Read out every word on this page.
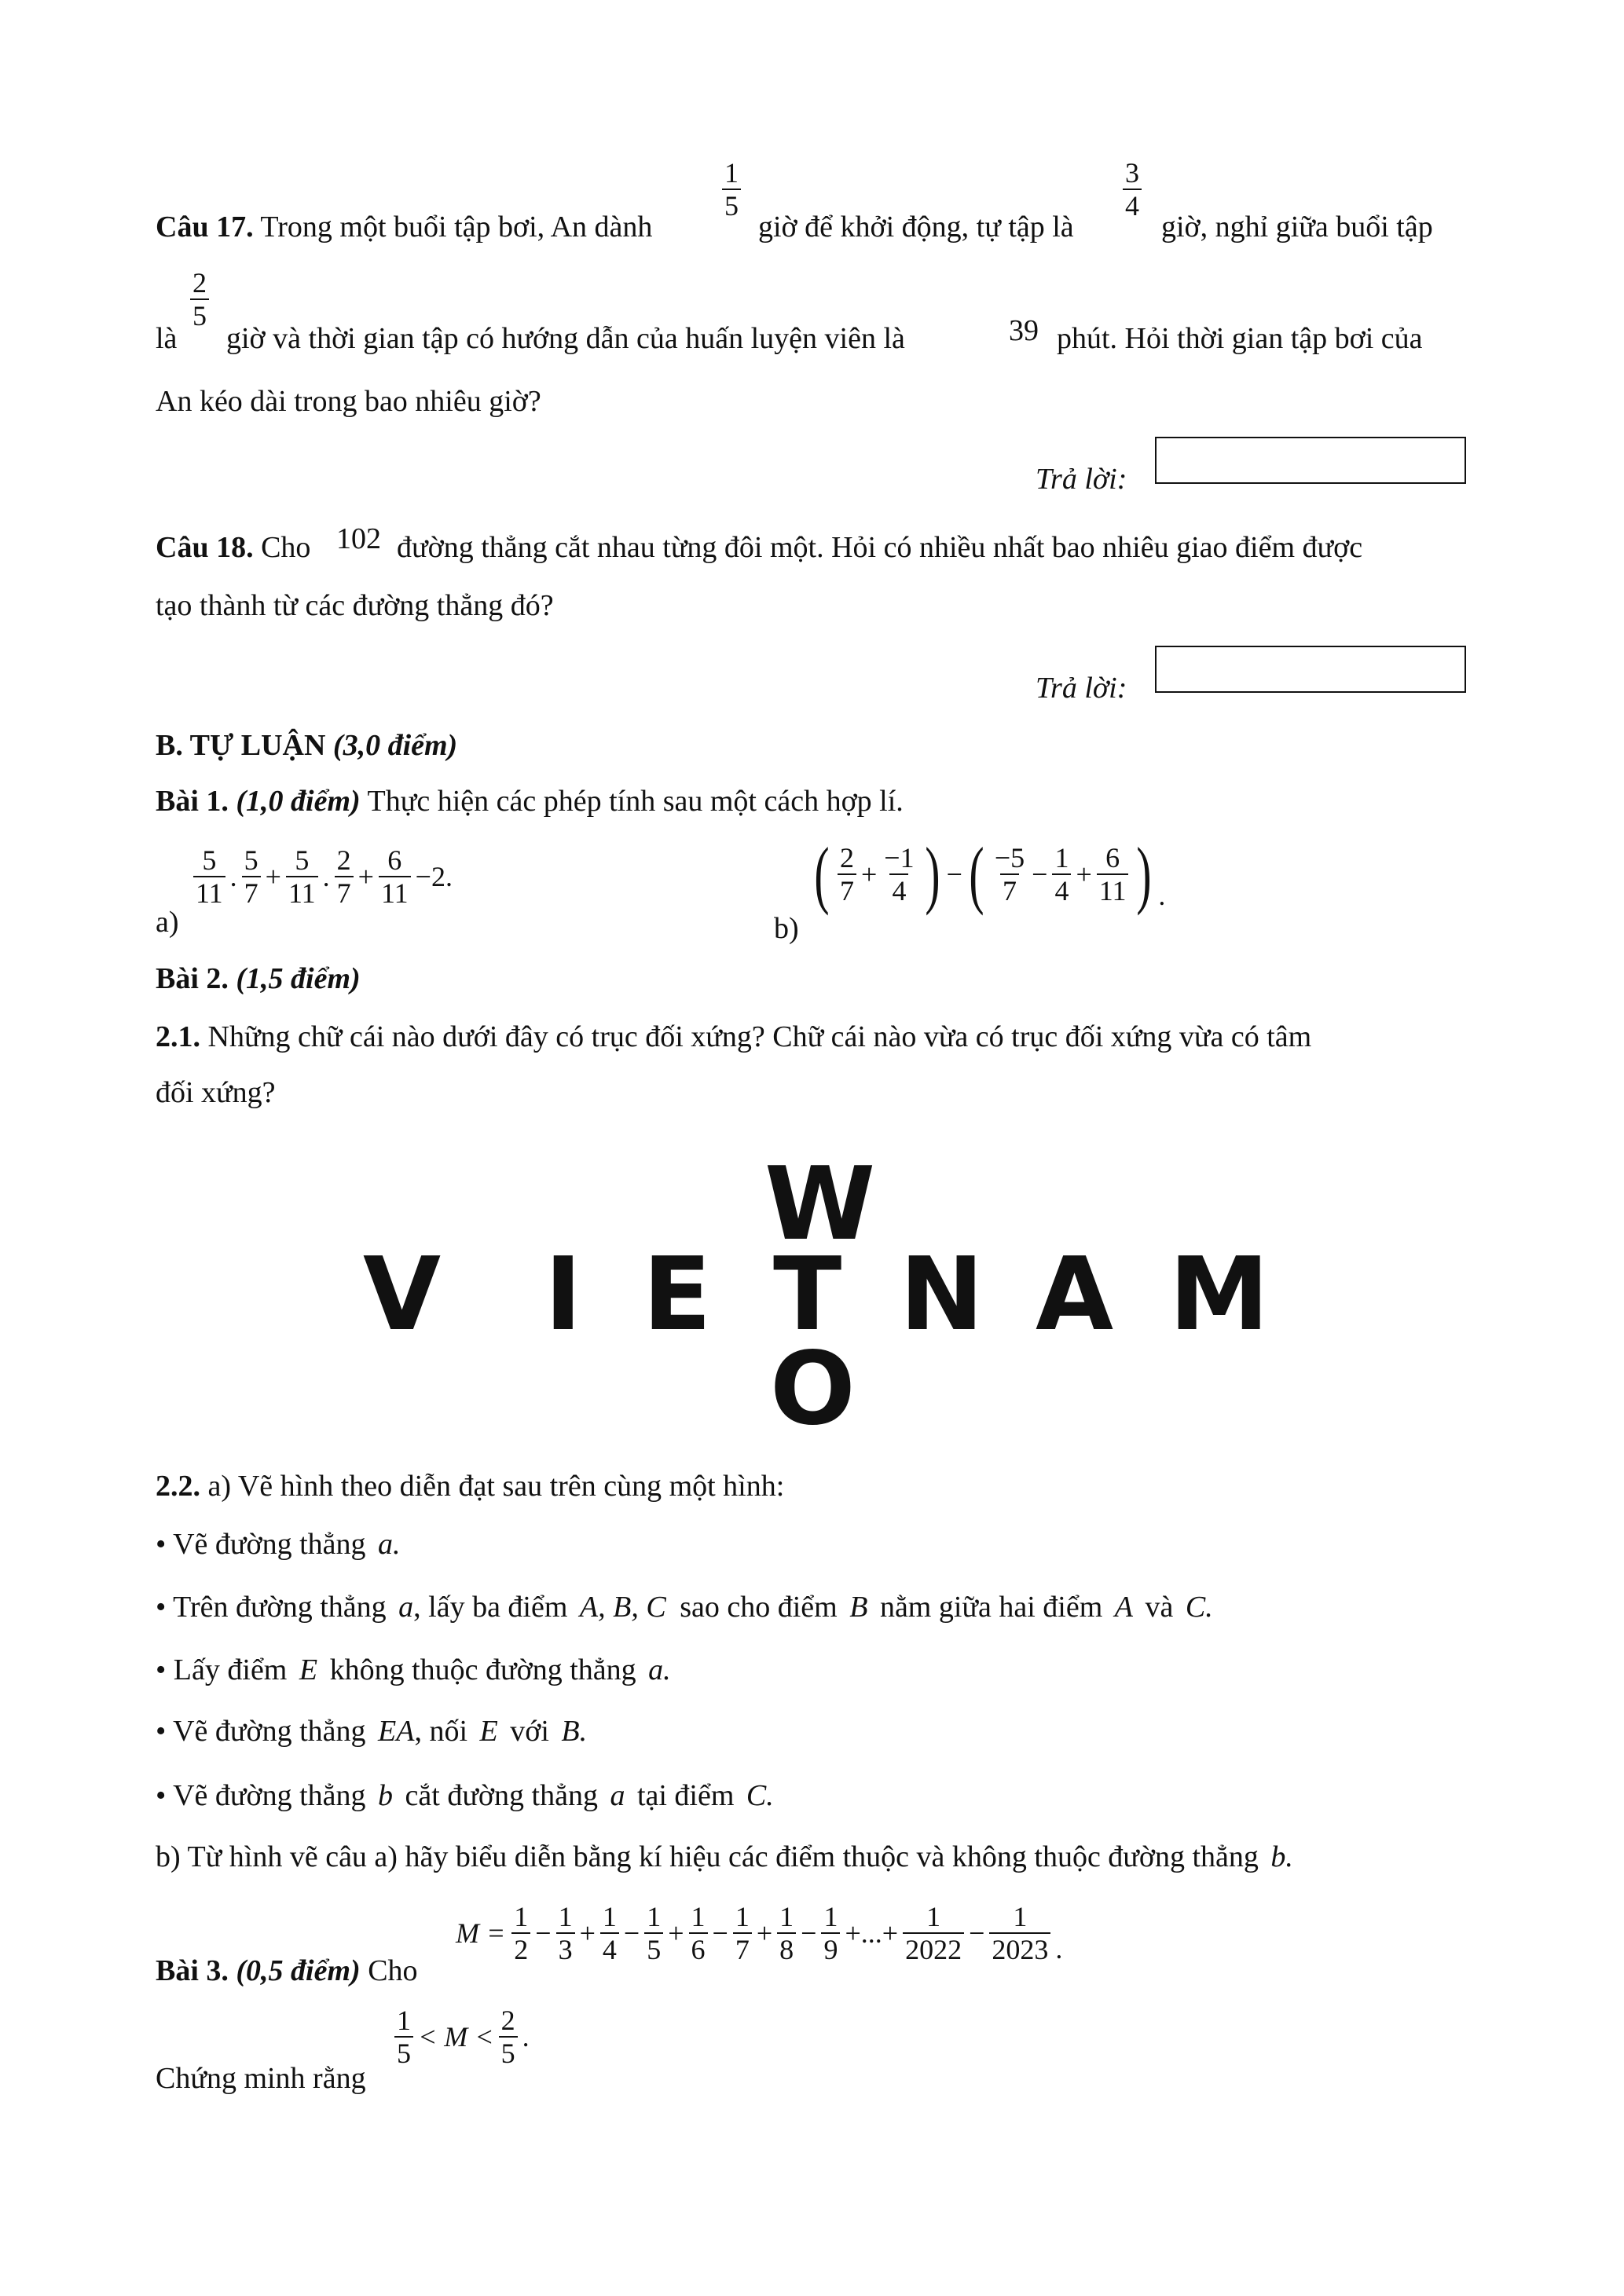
Câu 17. Trong một buổi tập bơi, An dành
$\frac{1}{5}$
giờ để khởi động, tự tập là
$\frac{3}{4}$
giờ, nghỉ giữa buổi tập
là
$\frac{2}{5}$
giờ và thời gian tập có hướng dẫn của huấn luyện viên là	39 phút. Hỏi thời gian tập bơi của
An kéo dài trong bao nhiêu giờ?
Trả lời:
Câu 18. Cho 102 đường thẳng cắt nhau từng đôi một. Hỏi có nhiều nhất bao nhiêu giao điểm được
tạo thành từ các đường thẳng đó?
Trả lời:
B. TỰ LUẬN (3,0 điểm)
Bài 1. (1,0 điểm) Thực hiện các phép tính sau một cách hợp lí.
a)
$\frac{5}{11}$ . $\frac{5}{7} + \frac{5}{11}$ . $\frac{2}{7} + \frac{6}{11} -2$.
b)
( $\frac{2}{7} + \frac{-1}{4}$ ) − ( $\frac{-5}{7} - \frac{1}{4} + \frac{6}{11}$ ) .
Bài 2. (1,5 điểm)
2.1. Những chữ cái nào dưới đây có trục đối xứng? Chữ cái nào vừa có trục đối xứng vừa có tâm
đối xứng?
W
V I E T N A M
O
2.2. a) Vẽ hình theo diễn đạt sau trên cùng một hình:
• Vẽ đường thẳng a.
• Trên đường thẳng a, lấy ba điểm A, B, C sao cho điểm B nằm giữa hai điểm A và C.
• Lấy điểm E không thuộc đường thẳng a.
• Vẽ đường thẳng EA, nối E với B.
• Vẽ đường thẳng b cắt đường thẳng a tại điểm C.
b) Từ hình vẽ câu a) hãy biểu diễn bằng kí hiệu các điểm thuộc và không thuộc đường thẳng b.
Bài 3. (0,5 điểm) Cho
$M = \frac{1}{2} - \frac{1}{3} + \frac{1}{4} - \frac{1}{5} + \frac{1}{6} - \frac{1}{7} + \frac{1}{8} - \frac{1}{9}$ +...+ $\frac{1}{2022} - \frac{1}{2023}$ .
Chứng minh rằng
$\frac{1}{5} < M < \frac{2}{5}$ .
